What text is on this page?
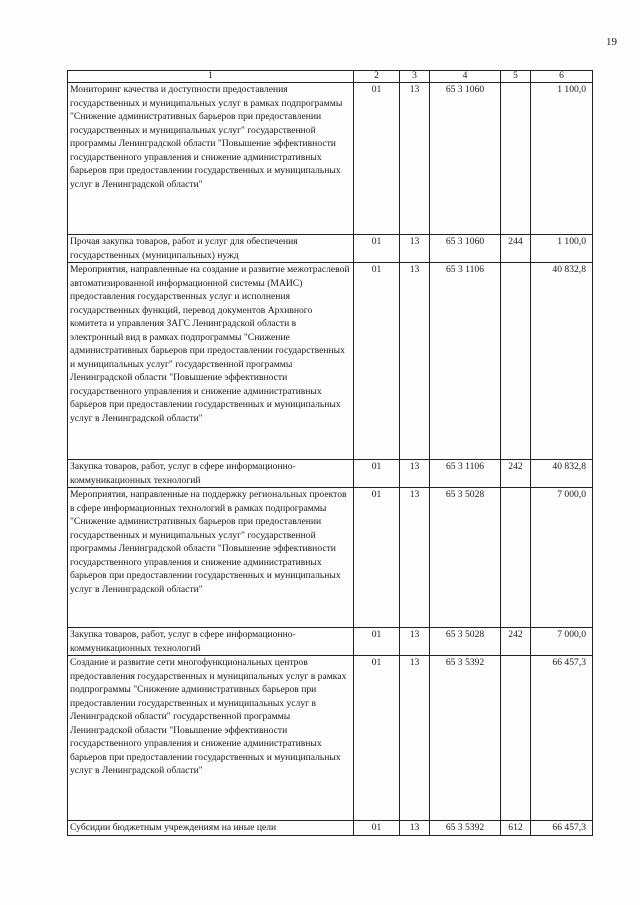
19
1	2	3	4	5	6
Мониторинг качества и доступности предоставления государственных и муниципальных услуг в рамках подпрограммы "Снижение административных барьеров при предоставлении государственных и муниципальных услуг" государственной программы Ленинградской области "Повышение эффективности государственного управления и снижение административных барьеров при предоставлении государственных и муниципальных услуг в Ленинградской области"	01	13	65 3 1060		1 100,0
Прочая закупка товаров, работ и услуг для обеспечения государственных (муниципальных) нужд	01	13	65 3 1060	244	1 100,0
Мероприятия, направленные на создание и развитие межотраслевой автоматизированной информационной системы (МАИС) предоставления государственных услуг и исполнения государственных функций, перевод документов Архивного комитета и управления ЗАГС Ленинградской области в электронный вид в рамках подпрограммы "Снижение административных барьеров при предоставлении государственных и муниципальных услуг" государственной программы Ленинградской области "Повышение эффективности государственного управления и снижение административных барьеров при предоставлении государственных и муниципальных услуг в Ленинградской области"	01	13	65 3 1106		40 832,8
Закупка товаров, работ, услуг в сфере информационно-коммуникационных технологий	01	13	65 3 1106	242	40 832,8
Мероприятия, направленные на поддержку региональных проектов в сфере информационных технологий в рамках подпрограммы "Снижение административных барьеров при предоставлении государственных и муниципальных услуг" государственной программы Ленинградской области "Повышение эффективности государственного управления и снижение административных барьеров при предоставлении государственных и муниципальных услуг в Ленинградской области"	01	13	65 3 5028		7 000,0
Закупка товаров, работ, услуг в сфере информационно-коммуникационных технологий	01	13	65 3 5028	242	7 000,0
Создание и развитие сети многофункциональных центров предоставления государственных и муниципальных услуг в рамках подпрограммы "Снижение административных барьеров при предоставлении государственных и муниципальных услуг в Ленинградской области" государственной программы Ленинградской области "Повышение эффективности государственного управления и снижение административных барьеров при предоставлении государственных и муниципальных услуг в Ленинградской области"	01	13	65 3 5392		66 457,3
Субсидии бюджетным учреждениям на иные цели	01	13	65 3 5392	612	66 457,3
